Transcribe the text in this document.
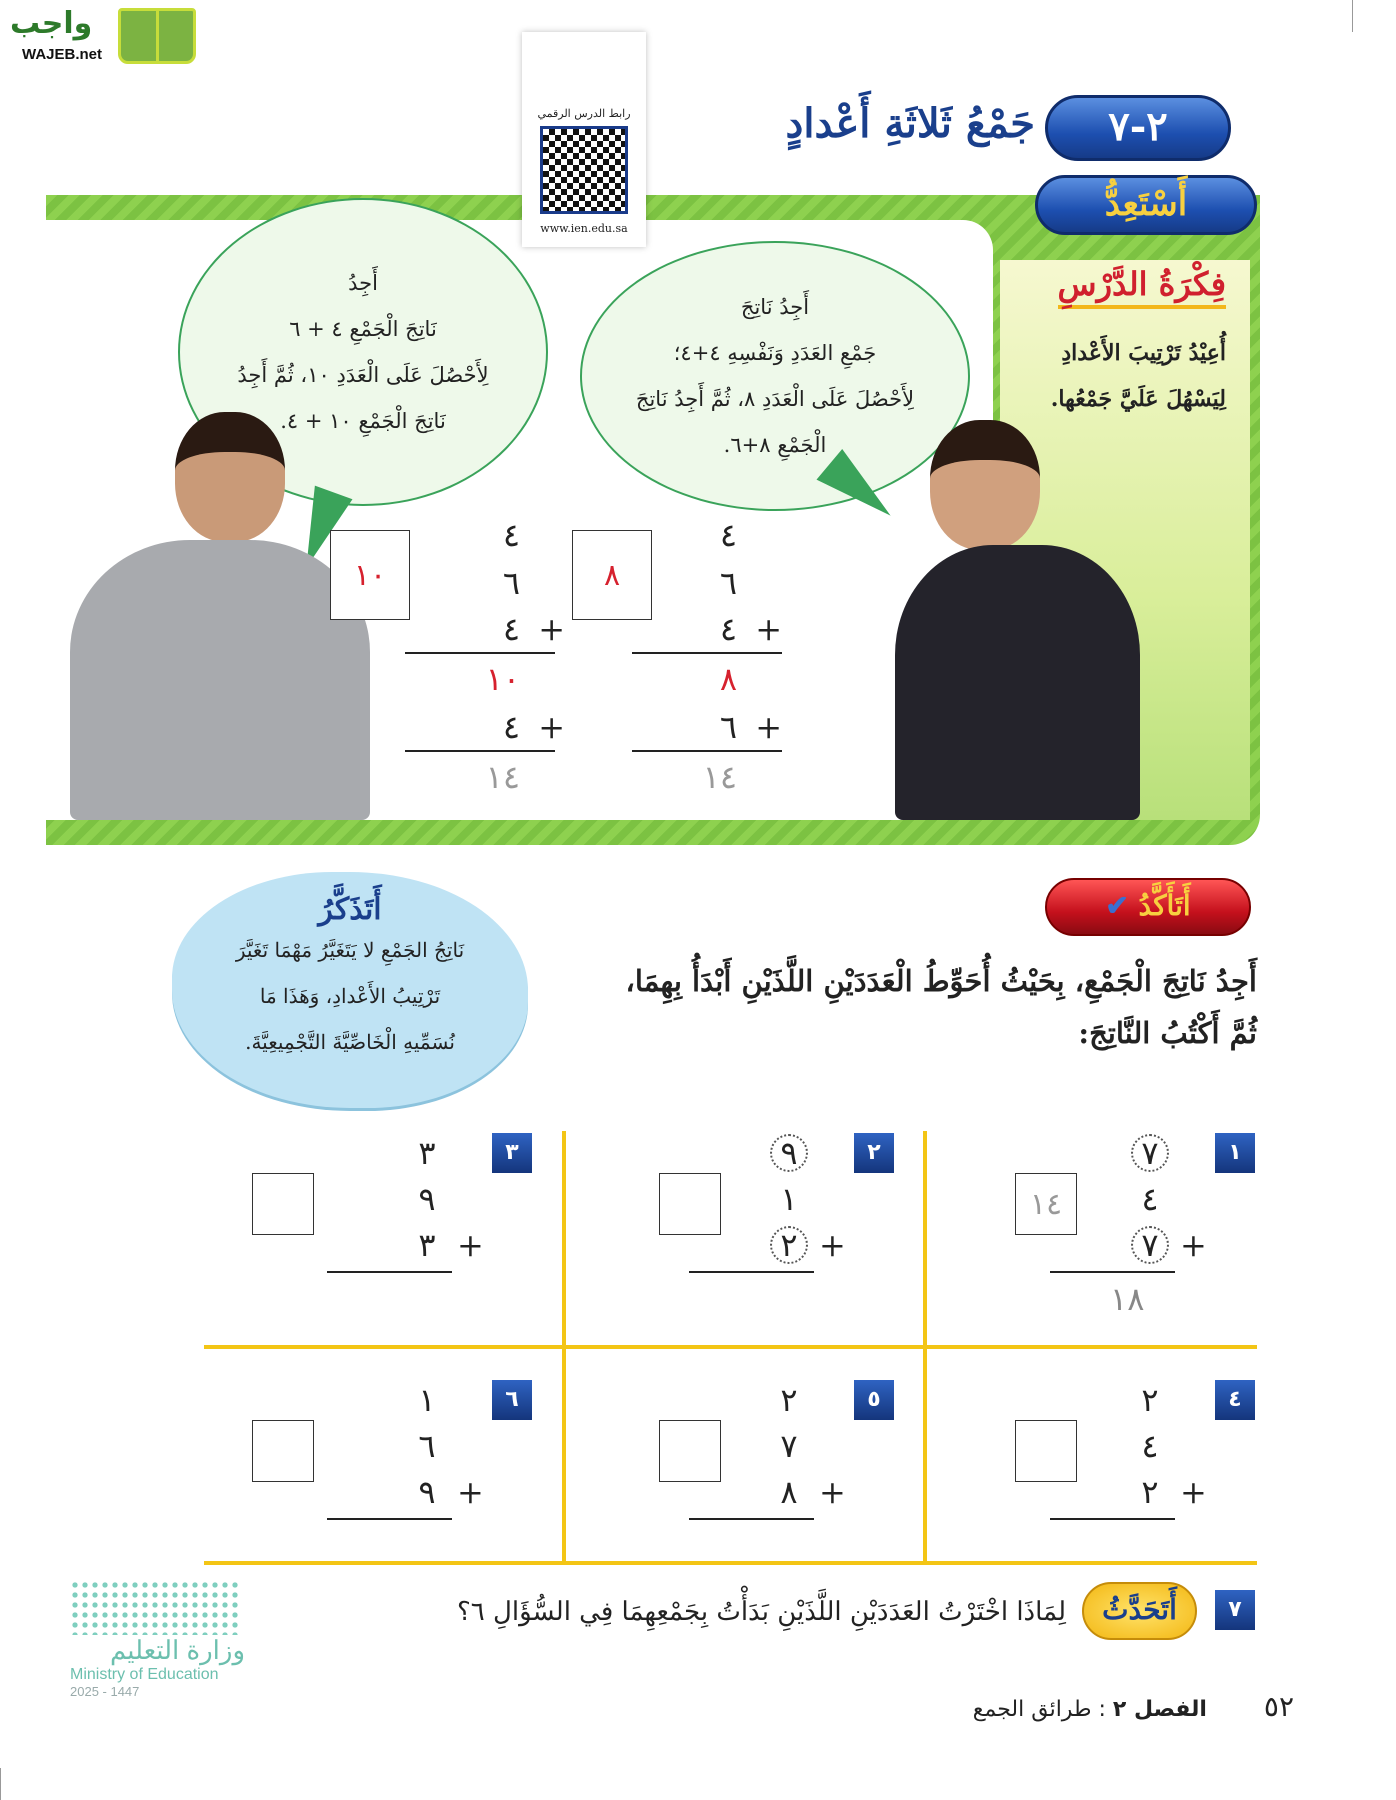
واجب
WAJEB.net
رابط الدرس الرقمي
www.ien.edu.sa
٢-٧
جَمْعُ ثَلاثَةِ أَعْدادٍ
أَسْتَعِدُّ
فِكْرَةُ الدَّرْسِ
أُعِيْدُ تَرْتِيبَ الأَعْدادِ لِيَسْهُلَ عَلَيَّ جَمْعُها.
أَجِدُ
نَاتِجَ الْجَمْعِ ٤ + ٦
لِأَحْصُلَ عَلَى الْعَدَدِ ١٠، ثُمَّ أَجِدُ
نَاتِجَ الْجَمْعِ ١٠ + ٤.
أَجِدُ نَاتِجَ
جَمْعِ العَدَدِ وَنَفْسِهِ ٤+٤؛
لِأَحْصُلَ عَلَى الْعَدَدِ ٨، ثُمَّ أَجِدُ نَاتِجَ
الْجَمْعِ ٨+٦.
١٠
٤
٦
٤ +
١٠
٤ +
١٤
٨
٤
٦
٤ +
٨
٦ +
١٤
أَتَذَكَّرُ
نَاتِجُ الجَمْعِ لا يَتَغَيَّرُ مَهْمَا تَغَيَّرَ
تَرْتِيبُ الأَعْدادِ، وَهَذَا مَا
نُسَمِّيهِ الْخَاصِّيَّةَ التَّجْمِيعِيَّةَ.
أَتَأَكَّدُ ✔
أَجِدُ نَاتِجَ الْجَمْعِ، بِحَيْثُ أُحَوِّطُ الْعَدَدَيْنِ اللَّذَيْنِ أَبْدَأُ بِهِمَا،
ثُمَّ أَكْتُبُ النَّاتِجَ:
١
٧
٤
٧ +
١٤
١٨
٢
٩
١
٢ +
٣
٣
٩
٣ +
٤
٢
٤
٢ +
٥
٢
٧
٨ +
٦
١
٦
٩ +
٧
أَتَحَدَّثُ
لِمَاذَا اخْتَرْتُ العَدَدَيْنِ اللَّذَيْنِ بَدَأْتُ بِجَمْعِهِمَا فِي السُّؤَالِ ٦؟
وزارة التعليم
Ministry of Education
2025 - 1447	٥٢ الفصل ٢ : طرائق الجمع
